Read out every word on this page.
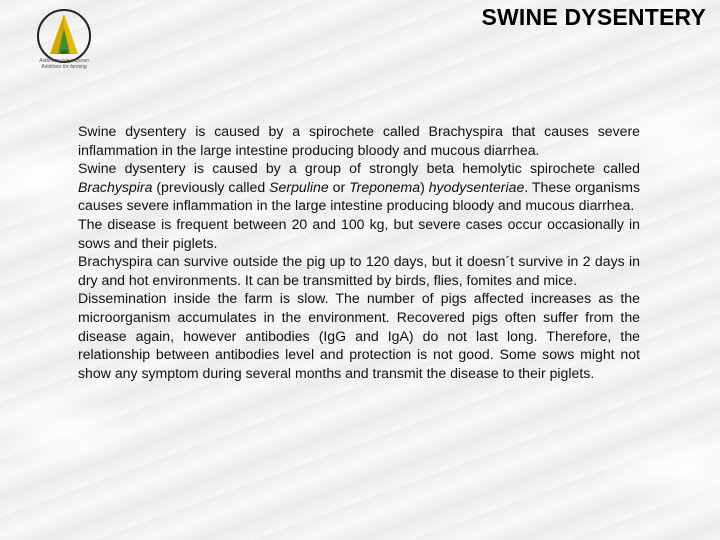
Additivos que mejoran
Additives for farming
SWINE DYSENTERY

Swine dysentery is caused by a spirochete called Brachyspira that causes severe inflammation in the large intestine producing bloody and mucous diarrhea.

Swine dysentery is caused by a group of strongly beta hemolytic spirochete called Brachyspira (previously called Serpuline or Treponema) hyodysenteriae. These organisms causes severe inflammation in the large intestine producing bloody and mucous diarrhea.

The disease is frequent between 20 and 100 kg, but severe cases occur occasionally in sows and their piglets.

Brachyspira can survive outside the pig up to 120 days, but it doesn´t survive in 2 days in dry and hot environments. It can be transmitted by birds, flies, fomites and mice.

Dissemination inside the farm is slow. The number of pigs affected increases as the microorganism accumulates in the environment. Recovered pigs often suffer from the disease again, however antibodies (IgG and IgA) do not last long. Therefore, the relationship between antibodies level and protection is not good. Some sows might not show any symptom during several months and transmit the disease to their piglets.
